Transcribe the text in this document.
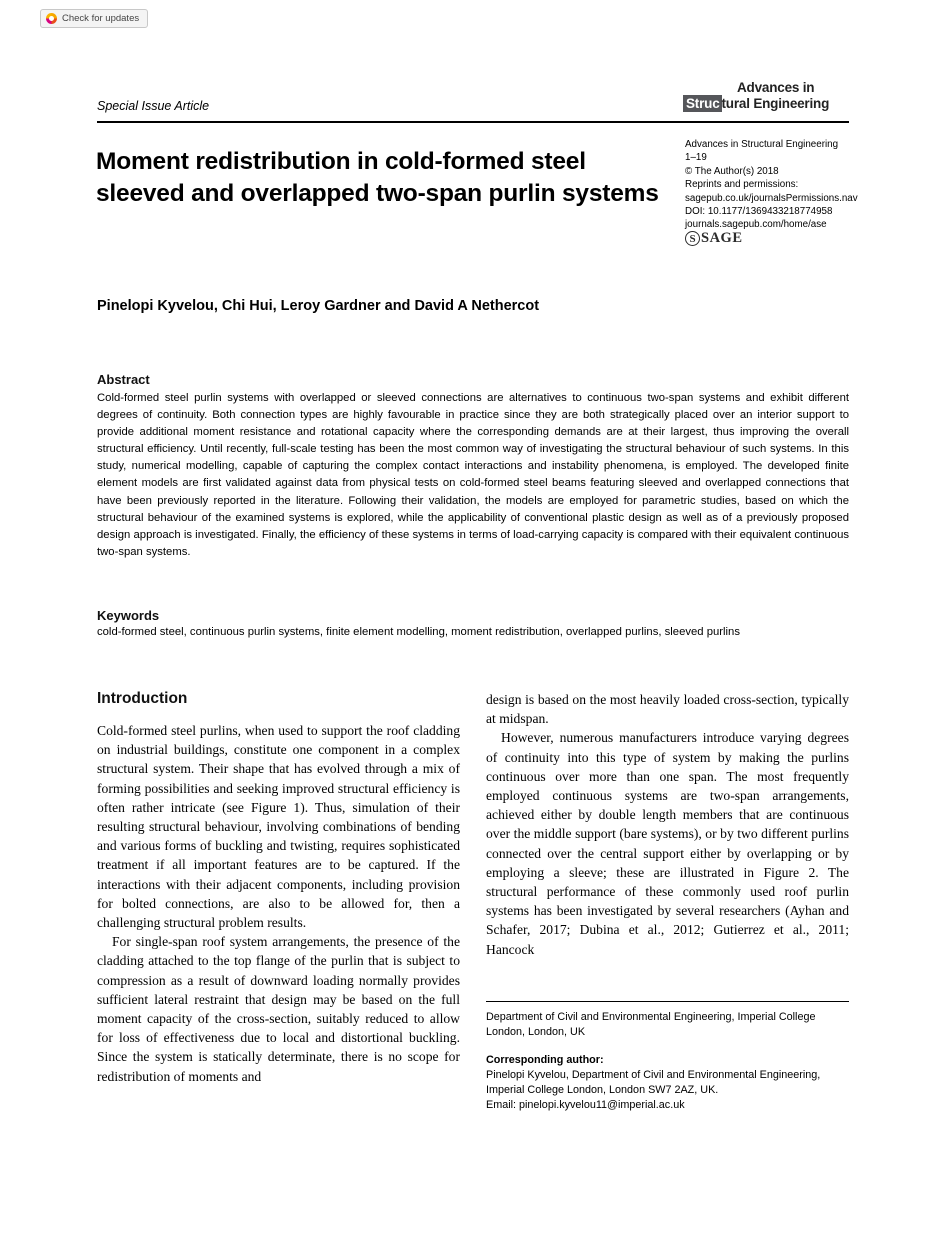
Check for updates
Special Issue Article
Advances in
Struc tural Engineering
Moment redistribution in cold-formed steel sleeved and overlapped two-span purlin systems
Advances in Structural Engineering
1–19
© The Author(s) 2018
Reprints and permissions:
sagepub.co.uk/journalsPermissions.nav
DOI: 10.1177/1369433218774958
journals.sagepub.com/home/ase
S SAGE
Pinelopi Kyvelou, Chi Hui, Leroy Gardner and David A Nethercot
Abstract
Cold-formed steel purlin systems with overlapped or sleeved connections are alternatives to continuous two-span systems and exhibit different degrees of continuity. Both connection types are highly favourable in practice since they are both strategically placed over an interior support to provide additional moment resistance and rotational capacity where the corresponding demands are at their largest, thus improving the overall structural efficiency. Until recently, full-scale testing has been the most common way of investigating the structural behaviour of such systems. In this study, numerical modelling, capable of capturing the complex contact interactions and instability phenomena, is employed. The developed finite element models are first validated against data from physical tests on cold-formed steel beams featuring sleeved and overlapped connections that have been previously reported in the literature. Following their validation, the models are employed for parametric studies, based on which the structural behaviour of the examined systems is explored, while the applicability of conventional plastic design as well as of a previously proposed design approach is investigated. Finally, the efficiency of these systems in terms of load-carrying capacity is compared with their equivalent continuous two-span systems.
Keywords
cold-formed steel, continuous purlin systems, finite element modelling, moment redistribution, overlapped purlins, sleeved purlins
Introduction

Cold-formed steel purlins, when used to support the roof cladding on industrial buildings, constitute one component in a complex structural system. Their shape that has evolved through a mix of forming possibilities and seeking improved structural efficiency is often rather intricate (see Figure 1). Thus, simulation of their resulting structural behaviour, involving combinations of bending and various forms of buckling and twisting, requires sophisticated treatment if all important features are to be captured. If the interactions with their adjacent components, including provision for bolted connections, are also to be allowed for, then a challenging structural problem results.

For single-span roof system arrangements, the presence of the cladding attached to the top flange of the purlin that is subject to compression as a result of downward loading normally provides sufficient lateral restraint that design may be based on the full moment capacity of the cross-section, suitably reduced to allow for loss of effectiveness due to local and distortional buckling. Since the system is statically determinate, there is no scope for redistribution of moments and

design is based on the most heavily loaded cross-section, typically at midspan.

However, numerous manufacturers introduce varying degrees of continuity into this type of system by making the purlins continuous over more than one span. The most frequently employed continuous systems are two-span arrangements, achieved either by double length members that are continuous over the middle support (bare systems), or by two different purlins connected over the central support either by overlapping or by employing a sleeve; these are illustrated in Figure 2. The structural performance of these commonly used roof purlin systems has been investigated by several researchers (Ayhan and Schafer, 2017; Dubina et al., 2012; Gutierrez et al., 2011; Hancock

Department of Civil and Environmental Engineering, Imperial College London, London, UK
Corresponding author:
Pinelopi Kyvelou, Department of Civil and Environmental Engineering, Imperial College London, London SW7 2AZ, UK.
Email: pinelopi.kyvelou11@imperial.ac.uk
